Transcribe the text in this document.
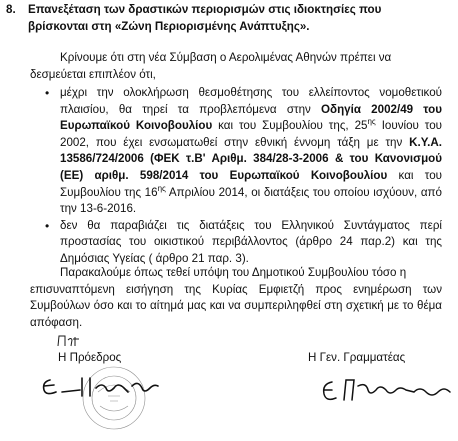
8. Επανεξέταση των δραστικών περιορισμών στις ιδιοκτησίες που
βρίσκονται στη «Ζώνη Περιορισμένης Ανάπτυξης».
Κρίνουμε ότι στη νέα Σύμβαση ο Αερολιμένας Αθηνών πρέπει να
δεσμεύεται επιπλέον ότι,
• μέχρι την ολοκλήρωση θεσμοθέτησης του ελλείποντος νομοθετικού πλαισίου, θα τηρεί τα προβλεπόμενα στην Οδηγία 2002/49 του Ευρωπαϊκού Κοινοβουλίου και του Συμβουλίου της, $25^{\eta\varsigma}$ Ιουνίου του 2002, που έχει ενσωματωθεί στην εθνική έννομη τάξη με την Κ.Υ.Α. 13586/724/2006 (ΦΕΚ τ.Β' Αριθμ. 384/28-3-2006 & του Κανονισμού (ΕΕ) αριθμ. 598/2014 του Ευρωπαϊκού Κοινοβουλίου και του Συμβουλίου της $16^{\eta\varsigma}$ Απριλίου 2014, οι διατάξεις του οποίου ισχύουν, από την 13-6-2016.
• δεν θα παραβιάζει τις διατάξεις του Ελληνικού Συντάγματος περί προστασίας του οικιστικού περιβάλλοντος (άρθρο 24 παρ.2) και της Δημόσιας Υγείας ( άρθρο 21 παρ. 3).
Παρακαλούμε όπως τεθεί υπόψη του Δημοτικού Συμβουλίου τόσο η
επισυναπτόμενη εισήγηση της Κυρίας Εμφιετζή προς ενημέρωση των Συμβούλων όσο και το αίτημά μας και να συμπεριληφθεί στη σχετική με το θέμα απόφαση.
Η Πρόεδρος	Η Γεν. Γραμματέας
